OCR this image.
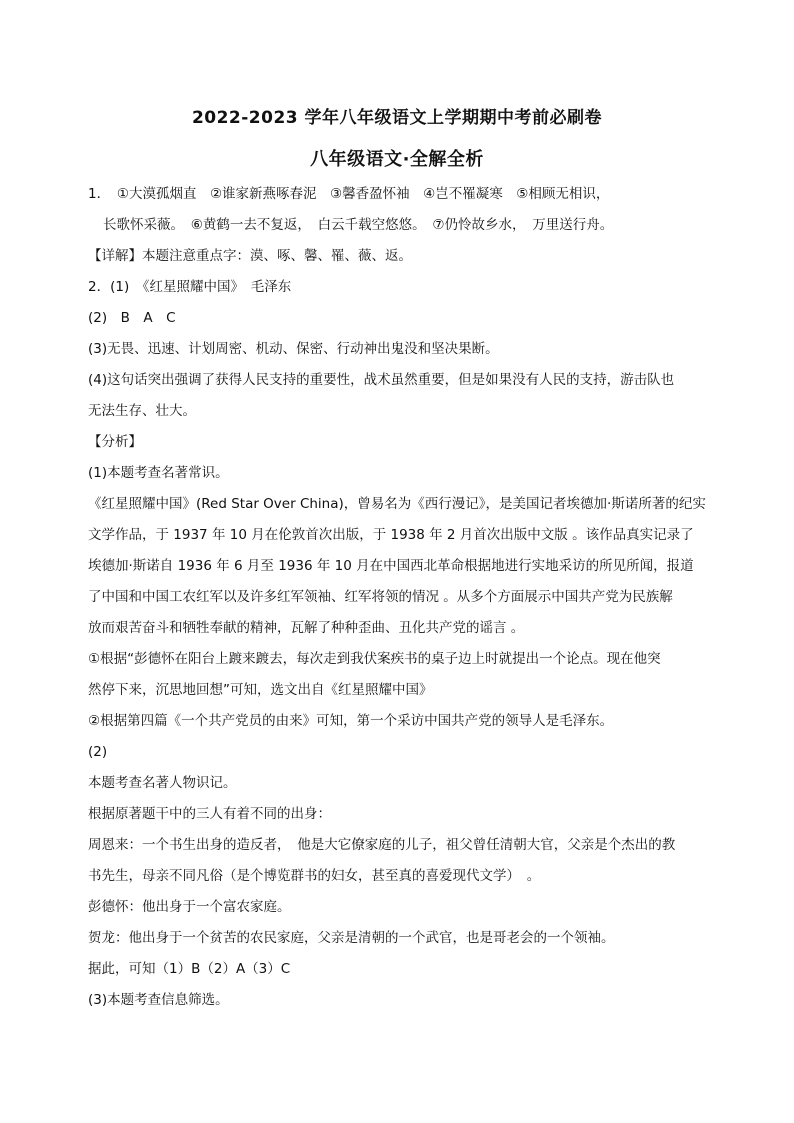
2022-2023 学年八年级语文上学期期中考前必刷卷
八年级语文·全解全析
1．　①大漠孤烟直　②谁家新燕啄春泥　③馨香盈怀袖　④岂不罹凝寒　⑤相顾无相识，
长歌怀采薇。　⑥黄鹤一去不复返，　白云千载空悠悠。　⑦仍怜故乡水，　万里送行舟。
【详解】本题注意重点字：漠、啄、馨、罹、薇、返。
2．(1)　《红星照耀中国》　毛泽东
(2)　B　A　C
(3)无畏、迅速、计划周密、机动、保密、行动神出鬼没和坚决果断。
(4)这句话突出强调了获得人民支持的重要性，战术虽然重要，但是如果没有人民的支持，游击队也
无法生存、壮大。
【分析】
(1)本题考查名著常识。
《红星照耀中国》(Red Star Over China)，曾易名为《西行漫记》，是美国记者埃德加·斯诺所著的纪实
文学作品，于 1937 年 10 月在伦敦首次出版，于 1938 年 2 月首次出版中文版 。该作品真实记录了
埃德加·斯诺自 1936 年 6 月至 1936 年 10 月在中国西北革命根据地进行实地采访的所见所闻，报道
了中国和中国工农红军以及许多红军领袖、红军将领的情况 。从多个方面展示中国共产党为民族解
放而艰苦奋斗和牺牲奉献的精神，瓦解了种种歪曲、丑化共产党的谣言 。
①根据“彭德怀在阳台上踱来踱去，每次走到我伏案疾书的桌子边上时就提出一个论点。现在他突
然停下来，沉思地回想”可知，选文出自《红星照耀中国》
②根据第四篇《一个共产党员的由来》可知，第一个采访中国共产党的领导人是毛泽东。
(2)
本题考查名著人物识记。
根据原著题干中的三人有着不同的出身：
周恩来：一个书生出身的造反者，　他是大它僚家庭的儿子，祖父曾任清朝大官，父亲是个杰出的教
书先生，母亲不同凡俗（是个博览群书的妇女，甚至真的喜爱现代文学）　。
彭德怀：他出身于一个富农家庭。
贺龙：他出身于一个贫苦的农民家庭，父亲是清朝的一个武官，也是哥老会的一个领袖。
据此，可知（1）B（2）A（3）C
(3)本题考查信息筛选。
